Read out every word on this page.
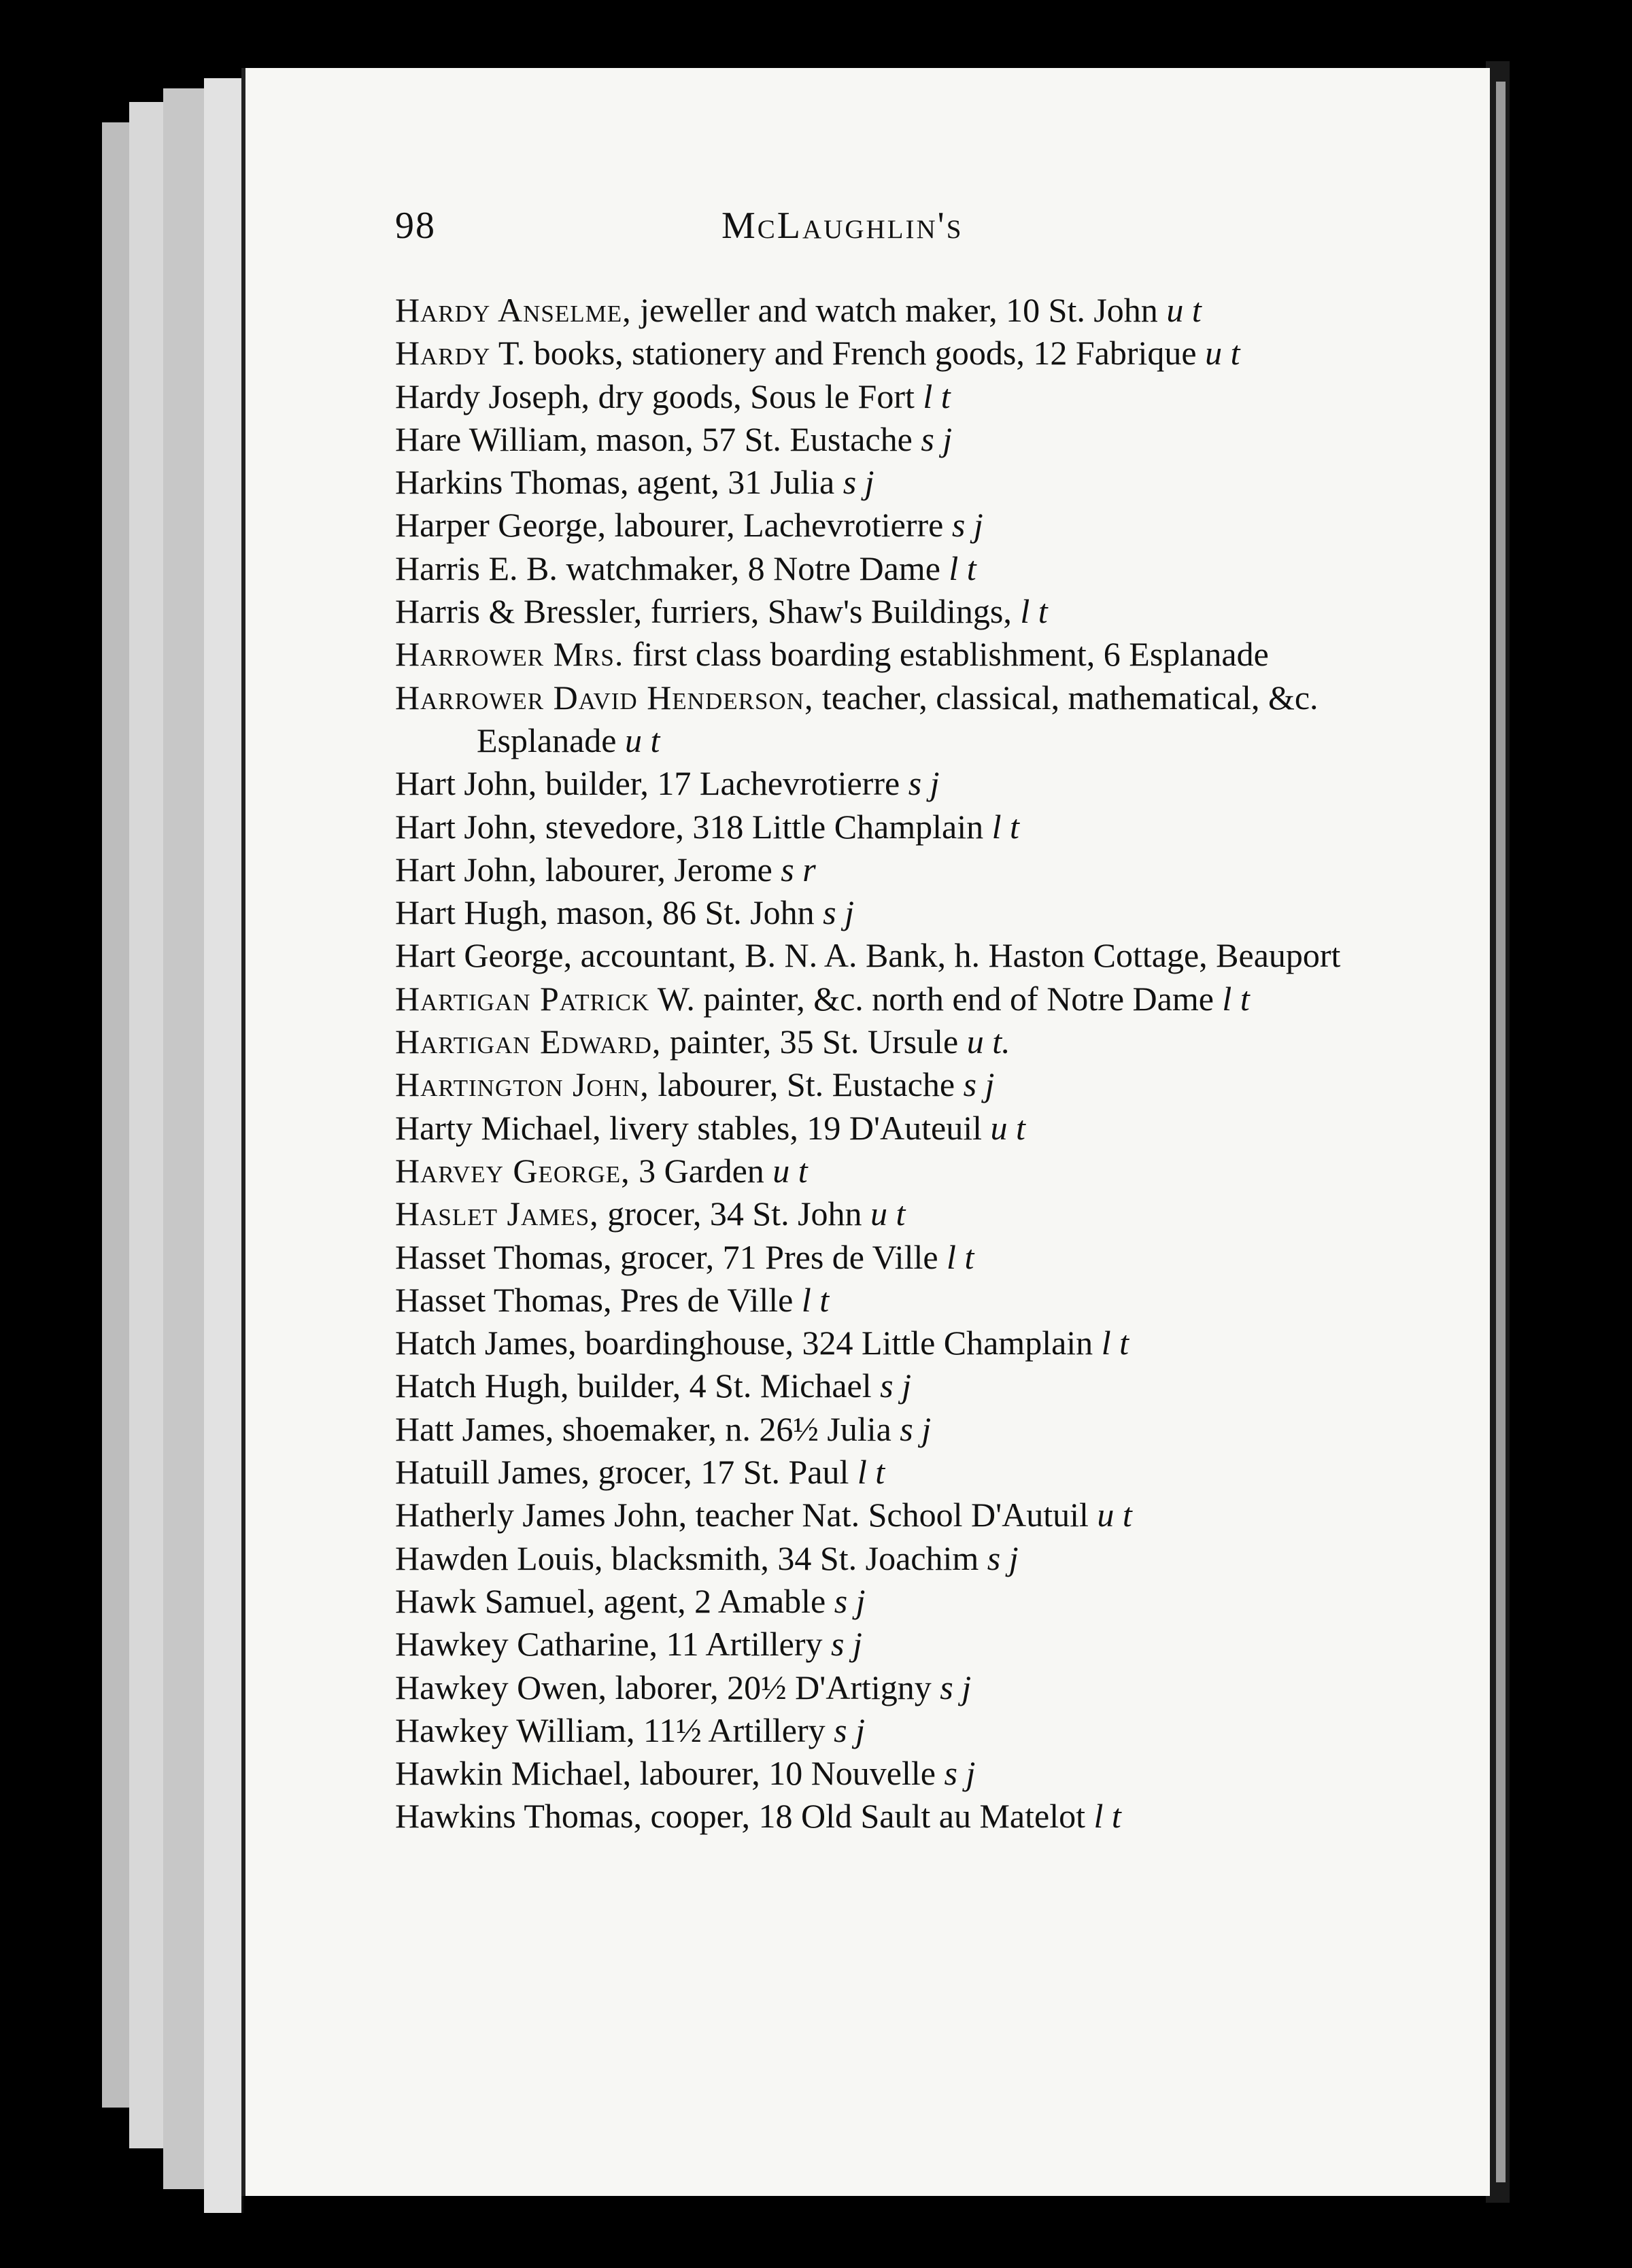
98	McLaughlin's
Hardy Anselme, jeweller and watch maker, 10 St. John u t
Hardy T. books, stationery and French goods, 12 Fabrique u t
Hardy Joseph, dry goods, Sous le Fort l t
Hare William, mason, 57 St. Eustache s j
Harkins Thomas, agent, 31 Julia s j
Harper George, labourer, Lachevrotierre s j
Harris E. B. watchmaker, 8 Notre Dame l t
Harris & Bressler, furriers, Shaw's Buildings, l t
Harrower Mrs. first class boarding establishment, 6 Esplanade
Harrower David Henderson, teacher, classical, mathematical, &c. Esplanade u t
Hart John, builder, 17 Lachevrotierre s j
Hart John, stevedore, 318 Little Champlain l t
Hart John, labourer, Jerome s r
Hart Hugh, mason, 86 St. John s j
Hart George, accountant, B. N. A. Bank, h. Haston Cottage, Beauport
Hartigan Patrick W. painter, &c. north end of Notre Dame l t
Hartigan Edward, painter, 35 St. Ursule u t.
Hartington John, labourer, St. Eustache s j
Harty Michael, livery stables, 19 D'Auteuil u t
Harvey George, 3 Garden u t
Haslet James, grocer, 34 St. John u t
Hasset Thomas, grocer, 71 Pres de Ville l t
Hasset Thomas, Pres de Ville l t
Hatch James, boardinghouse, 324 Little Champlain l t
Hatch Hugh, builder, 4 St. Michael s j
Hatt James, shoemaker, n. 26½ Julia s j
Hatuill James, grocer, 17 St. Paul l t
Hatherly James John, teacher Nat. School D'Autuil u t
Hawden Louis, blacksmith, 34 St. Joachim s j
Hawk Samuel, agent, 2 Amable s j
Hawkey Catharine, 11 Artillery s j
Hawkey Owen, laborer, 20½ D'Artigny s j
Hawkey William, 11½ Artillery s j
Hawkin Michael, labourer, 10 Nouvelle s j
Hawkins Thomas, cooper, 18 Old Sault au Matelot l t
